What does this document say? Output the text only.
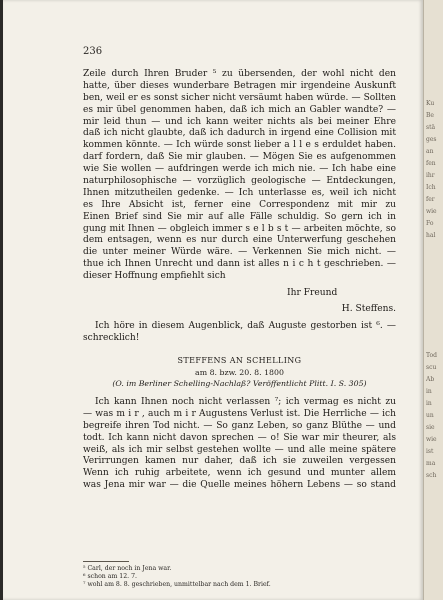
236
Zeile durch Ihren Bruder ⁵ zu übersenden, der wohl nicht den
hatte, über dieses wunderbare Betragen mir irgendeine Auskunft
ben, weil er es sonst sicher nicht versäumt haben würde. — Sollten
es mir übel genommen haben, daß ich mich an Gabler wandte? —
mir leid thun — und ich kann weiter nichts als bei meiner Ehre
daß ich nicht glaubte, daß ich dadurch in irgend eine Collision mit
kommen könnte. — Ich würde sonst lieber a l l e s erduldet haben.
darf fordern, daß Sie mir glauben. — Mögen Sie es aufgenommen
wie Sie wollen — aufdringen werde ich mich nie. — Ich habe eine
naturphilosophische — vorzüglich geologische — Entdeckungen,
Ihnen mitzutheilen gedenke. — Ich unterlasse es, weil ich nicht
es Ihre Absicht ist, ferner eine Correspondenz mit mir zu
Einen Brief sind Sie mir auf alle Fälle schuldig. So gern ich in
gung mit Ihnen — obgleich immer s e l b s t — arbeiten möchte, so
dem entsagen, wenn es nur durch eine Unterwerfung geschehen
die unter meiner Würde wäre. — Verkennen Sie mich nicht. —
thue ich Ihnen Unrecht und dann ist alles n i c h t geschrieben. —
dieser Hoffnung empfiehlt sich
Ihr Freund
H. Steffens.
Ich höre in diesem Augenblick, daß Auguste gestorben ist ⁶. —
schrecklich!
STEFFENS AN SCHELLING
am 8. bzw. 20. 8. 1800
(O. im Berliner Schelling-Nachlaß? Veröffentlicht Plitt. I. S. 305)
Ich kann Ihnen noch nicht verlassen ⁷; ich vermag es nicht zu
— was m i r , auch m i r Augustens Verlust ist. Die Herrliche — ich
begreife ihren Tod nicht. — So ganz Leben, so ganz Blüthe — und
todt. Ich kann nicht davon sprechen — o! Sie war mir theurer, als
weiß, als ich mir selbst gestehen wollte — und alle meine spätere
Verirrungen kamen nur daher, daß ich sie zuweilen vergessen
Wenn ich ruhig arbeitete, wenn ich gesund und munter allem
was Jena mir war — die Quelle meines höhern Lebens — so stand
⁵ Carl, der noch in Jena war.
⁶ schon am 12. 7.
⁷ wohl am 8. 8. geschrieben, unmittelbar nach dem 1. Brief.
Ku
Be
stä
ges
an
fen
ihr
Ich
fer
wie
Fo
hal
Tod
scu
Ab
in
in
un
sie
wie
ist
ma
sch
